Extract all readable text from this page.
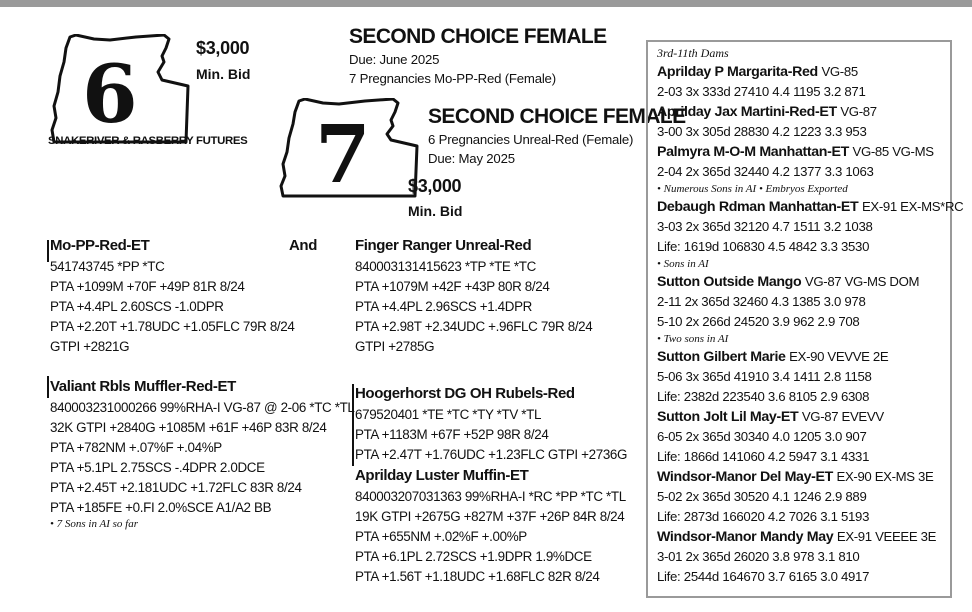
6	$3,000
Min. Bid
SNAKERIVER & RASBERRY FUTURES
SECOND CHOICE FEMALE
Due: June 2025
7 Pregnancies Mo-PP-Red (Female)
7	SECOND CHOICE FEMALE
6 Pregnancies Unreal-Red (Female)
Due: May 2025
$3,000
Min. Bid
Mo-PP-Red-ET	And
541743745 *PP *TC
PTA +1099M +70F +49P 81R 8/24
PTA +4.4PL 2.60SCS -1.0DPR
PTA +2.20T +1.78UDC +1.05FLC 79R 8/24
GTPI +2821G
Finger Ranger Unreal-Red
840003131415623 *TP *TE *TC
PTA +1079M +42F +43P 80R 8/24
PTA +4.4PL 2.96SCS +1.4DPR
PTA +2.98T +2.34UDC +.96FLC 79R 8/24
GTPI +2785G
Valiant Rbls Muffler-Red-ET
840003231000266 99%RHA-I VG-87 @ 2-06 *TC *TL
32K GTPI +2840G +1085M +61F +46P 83R 8/24
PTA +782NM +.07%F +.04%P
PTA +5.1PL 2.75SCS -.4DPR 2.0DCE
PTA +2.45T +2.181UDC +1.72FLC 83R 8/24
PTA +185FE +0.FI 2.0%SCE A1/A2 BB
• 7 Sons in AI so far
Hoogerhorst DG OH Rubels-Red
679520401 *TE *TC *TY *TV *TL
PTA +1183M +67F +52P 98R 8/24
PTA +2.47T +1.76UDC +1.23FLC GTPI +2736G
Aprilday Luster Muffin-ET
840003207031363 99%RHA-I *RC *PP *TC *TL
19K GTPI +2675G +827M +37F +26P 84R 8/24
PTA +655NM +.02%F +.00%P
PTA +6.1PL 2.72SCS +1.9DPR 1.9%DCE
PTA +1.56T +1.18UDC +1.68FLC 82R 8/24
3rd-11th Dams
Aprilday P Margarita-Red VG-85
2-03 3x 333d 27410 4.4 1195 3.2 871
Aprilday Jax Martini-Red-ET VG-87
3-00 3x 305d 28830 4.2 1223 3.3 953
Palmyra M-O-M Manhattan-ET VG-85 VG-MS
2-04 2x 365d 32440 4.2 1377 3.3 1063
• Numerous Sons in AI • Embryos Exported
Debaugh Rdman Manhattan-ET EX-91 EX-MS*RC
3-03 2x 365d 32120 4.7 1511 3.2 1038
Life: 1619d 106830 4.5 4842 3.3 3530
• Sons in AI
Sutton Outside Mango VG-87 VG-MS DOM
2-11 2x 365d 32460 4.3 1385 3.0 978
5-10 2x 266d 24520 3.9 962 2.9 708
• Two sons in AI
Sutton Gilbert Marie EX-90 VEVVE 2E
5-06 3x 365d 41910 3.4 1411 2.8 1158
Life: 2382d 223540 3.6 8105 2.9 6308
Sutton Jolt Lil May-ET VG-87 EVEVV
6-05 2x 365d 30340 4.0 1205 3.0 907
Life: 1866d 141060 4.2 5947 3.1 4331
Windsor-Manor Del May-ET EX-90 EX-MS 3E
5-02 2x 365d 30520 4.1 1246 2.9 889
Life: 2873d 166020 4.2 7026 3.1 5193
Windsor-Manor Mandy May EX-91 VEEEE 3E
3-01 2x 365d 26020 3.8 978 3.1 810
Life: 2544d 164670 3.7 6165 3.0 4917
